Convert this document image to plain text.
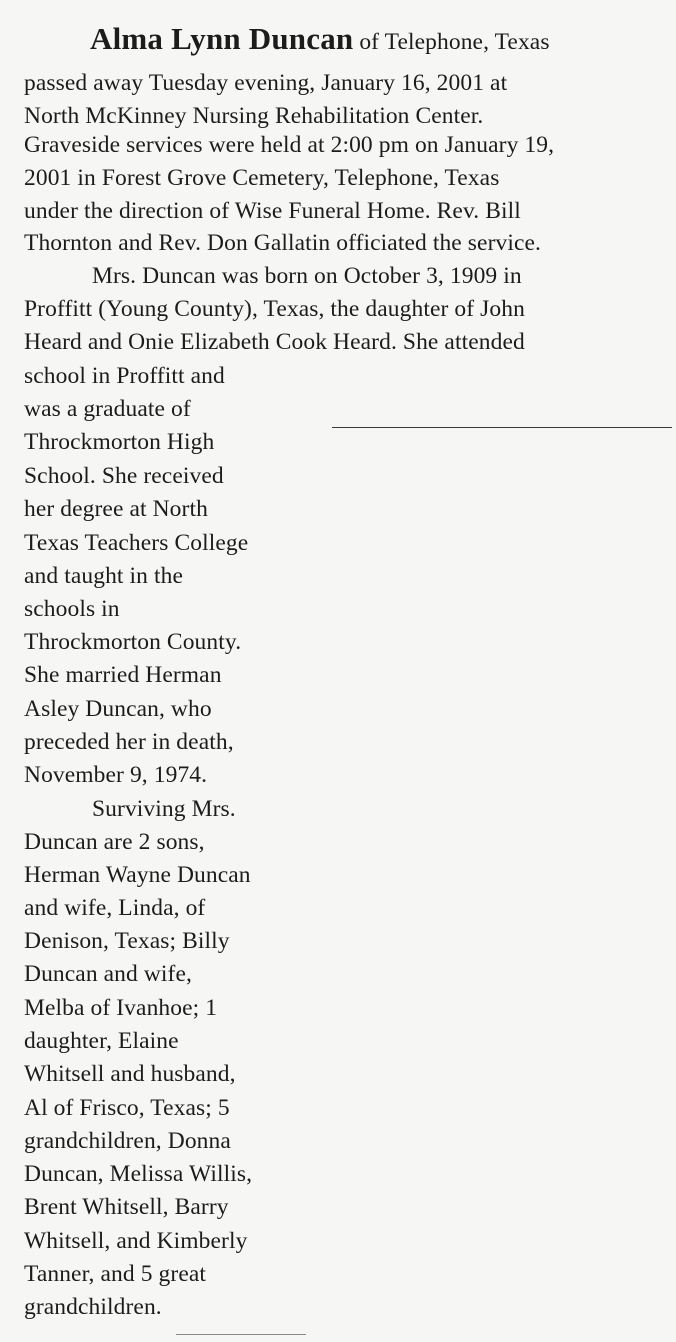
Alma Lynn Duncan of Telephone, Texas
passed away Tuesday evening, January 16, 2001 at
North McKinney Nursing Rehabilitation Center.
Graveside services were held at 2:00 pm on January 19,
2001 in Forest Grove Cemetery, Telephone, Texas
under the direction of Wise Funeral Home. Rev. Bill
Thornton and Rev. Don Gallatin officiated the service.
Mrs. Duncan was born on October 3, 1909 in
Proffitt (Young County), Texas, the daughter of John
Heard and Onie Elizabeth Cook Heard. She attended
school in Proffitt and
was a graduate of
Throckmorton High
School. She received
her degree at North
Texas Teachers College
and taught in the
schools in
Throckmorton County.
She married Herman
Asley Duncan, who
preceded her in death,
November 9, 1974.
Surviving Mrs.
Duncan are 2 sons,
Herman Wayne Duncan
and wife, Linda, of
Denison, Texas; Billy
Duncan and wife,
Melba of Ivanhoe; 1
daughter, Elaine
Whitsell and husband,
Al of Frisco, Texas; 5
grandchildren, Donna
Duncan, Melissa Willis,
Brent Whitsell, Barry
Whitsell, and Kimberly
Tanner, and 5 great
grandchildren.
